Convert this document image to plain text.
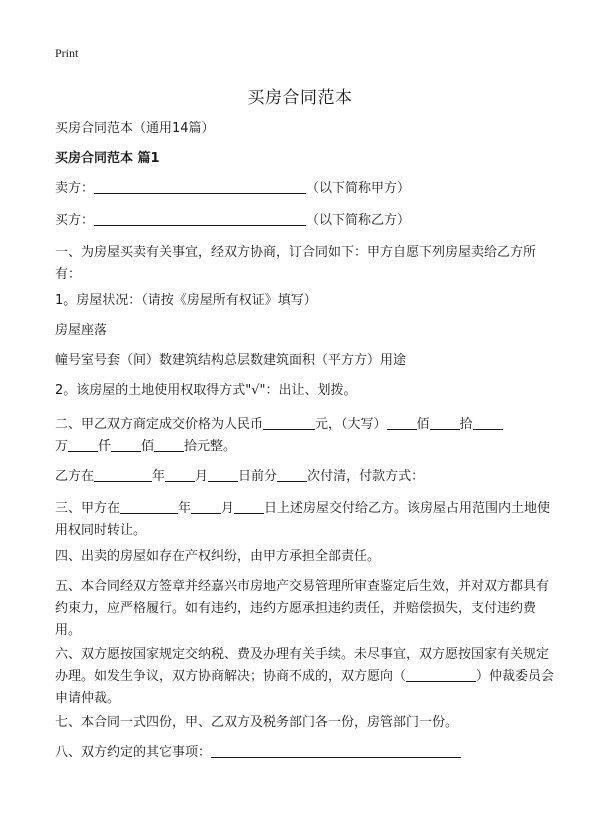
Print
买房合同范本

买房合同范本（通用14篇）

买房合同范本 篇1

卖方：	（以下简称甲方）

买方：	（以下简称乙方）

一、为房屋买卖有关事宜，经双方协商，订合同如下：甲方自愿下列房屋卖给乙方所有：

1。房屋状况：（请按《房屋所有权证》填写）

房屋座落

幢号室号套（间）数建筑结构总层数建筑面积（平方方）用途

2。该房屋的土地使用权取得方式"√"：出让、划拨。

二、甲乙双方商定成交价格为人民币	元，（大写） 佰 拾

万 仟 佰 拾元整。

乙方在	年 月 日前分 次付清，付款方式：

三、甲方在	年 月 日上述房屋交付给乙方。该房屋占用范围内土地使用权同时转让。

四、出卖的房屋如存在产权纠纷，由甲方承担全部责任。

五、本合同经双方签章并经嘉兴市房地产交易管理所审查鉴定后生效，并对双方都具有约束力，应严格履行。如有违约，违约方愿承担违约责任，并赔偿损失，支付违约费用。

六、双方愿按国家规定交纳税、费及办理有关手续。未尽事宜，双方愿按国家有关规定办理。如发生争议，双方协商解决；协商不成的，双方愿向（	）仲裁委员会申请仲裁。

七、本合同一式四份，甲、乙双方及税务部门各一份，房管部门一份。

八、双方约定的其它事项：
